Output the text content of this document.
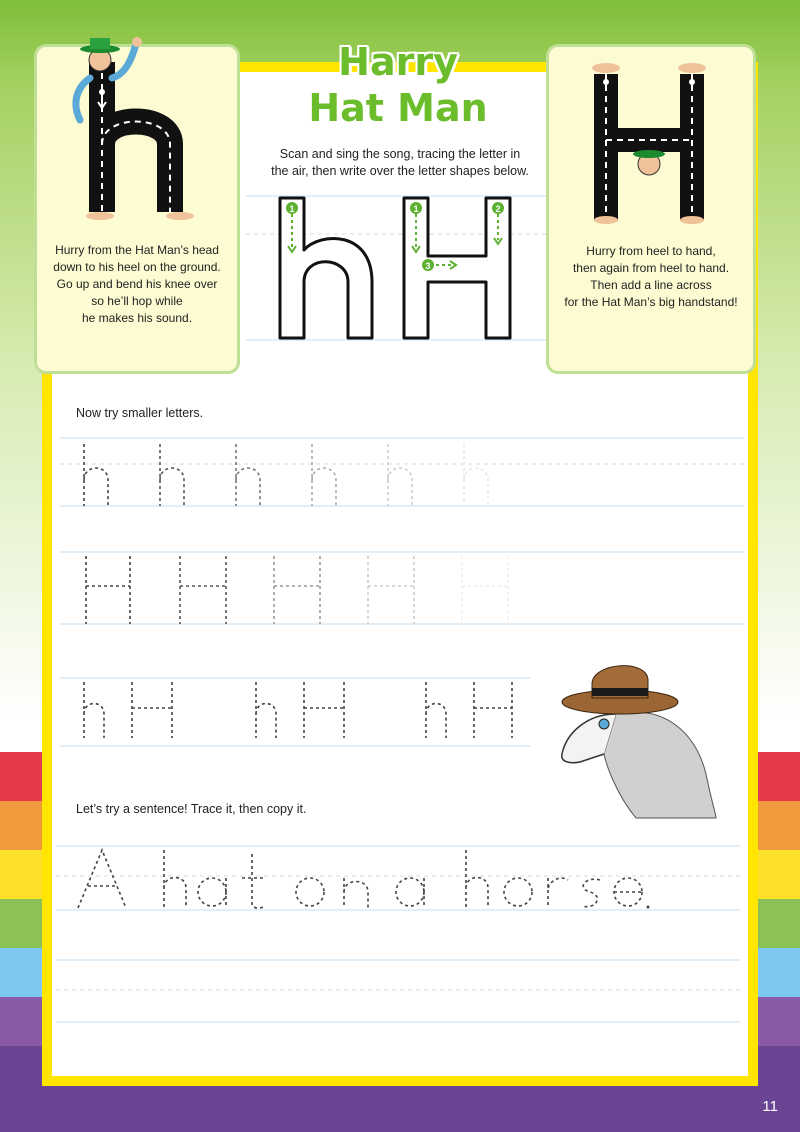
Hurry from the Hat Man’s head
down to his heel on the ground.
Go up and bend his knee over
so he’ll hop while
he makes his sound.
Hurry from heel to hand,
then again from heel to hand.
Then add a line across
for the Hat Man’s big handstand!
Harry
Hat Man
Scan and sing the song, tracing the letter in
the air, then write over the letter shapes below.
1	1	2
3
Now try smaller letters.
Let’s try a sentence! Trace it, then copy it.
11
